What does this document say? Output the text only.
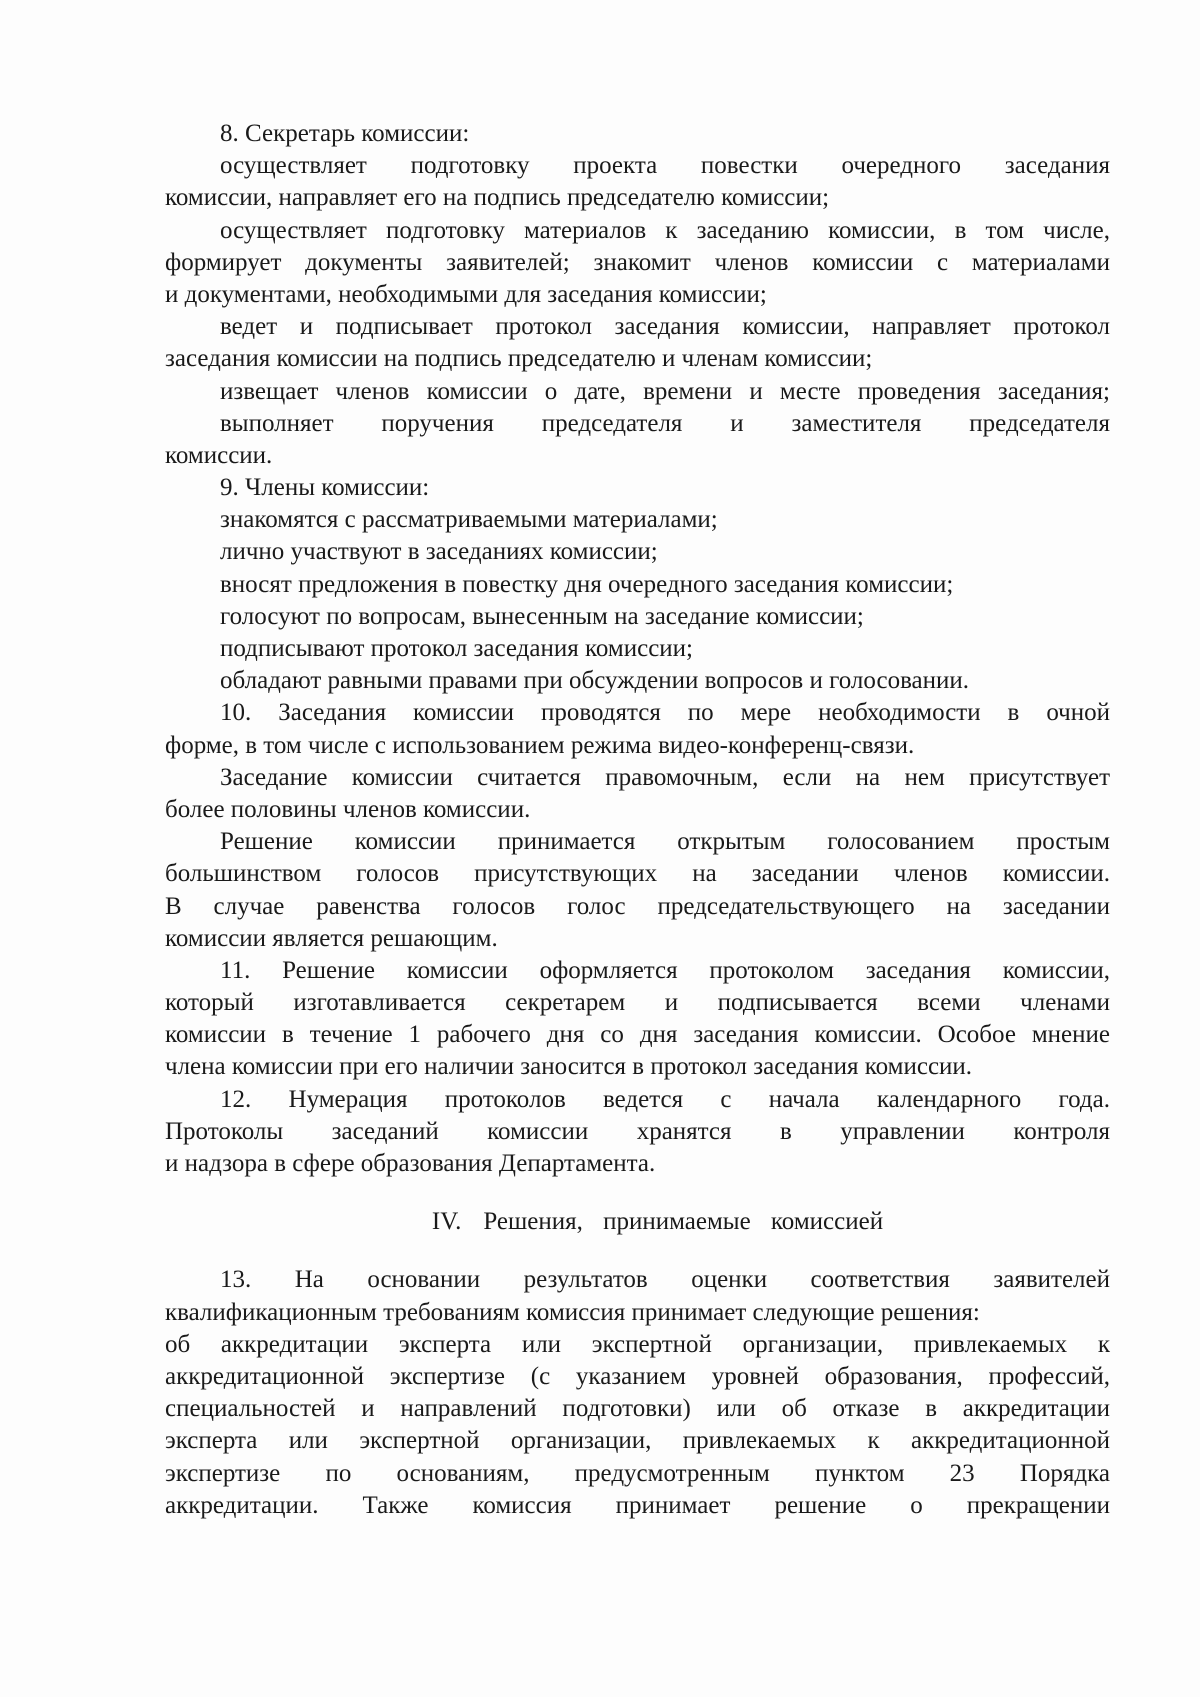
8. Секретарь комиссии:
осуществляет подготовку проекта повестки очередного заседания
комиссии, направляет его на подпись председателю комиссии;
осуществляет подготовку материалов к заседанию комиссии, в том числе,
формирует документы заявителей; знакомит членов комиссии с материалами
и документами, необходимыми для заседания комиссии;
ведет и подписывает протокол заседания комиссии, направляет протокол
заседания комиссии на подпись председателю и членам комиссии;
извещает членов комиссии о дате, времени и месте проведения заседания;
выполняет поручения председателя и заместителя председателя
комиссии.
9. Члены комиссии:
знакомятся с рассматриваемыми материалами;
лично участвуют в заседаниях комиссии;
вносят предложения в повестку дня очередного заседания комиссии;
голосуют по вопросам, вынесенным на заседание комиссии;
подписывают протокол заседания комиссии;
обладают равными правами при обсуждении вопросов и голосовании.
10. Заседания комиссии проводятся по мере необходимости в очной
форме, в том числе с использованием режима видео-конференц-связи.
Заседание комиссии считается правомочным, если на нем присутствует
более половины членов комиссии.
Решение комиссии принимается открытым голосованием простым
большинством голосов присутствующих на заседании членов комиссии.
В случае равенства голосов голос председательствующего на заседании
комиссии является решающим.
11. Решение комиссии оформляется протоколом заседания комиссии,
который изготавливается секретарем и подписывается всеми членами
комиссии в течение 1 рабочего дня со дня заседания комиссии. Особое мнение
члена комиссии при его наличии заносится в протокол заседания комиссии.
12. Нумерация протоколов ведется с начала календарного года.
Протоколы заседаний комиссии хранятся в управлении контроля
и надзора в сфере образования Департамента.
IV. Решения, принимаемые комиссией
13. На основании результатов оценки соответствия заявителей
квалификационным требованиям комиссия принимает следующие решения:
об аккредитации эксперта или экспертной организации, привлекаемых к
аккредитационной экспертизе (с указанием уровней образования, профессий,
специальностей и направлений подготовки) или об отказе в аккредитации
эксперта или экспертной организации, привлекаемых к аккредитационной
экспертизе по основаниям, предусмотренным пунктом 23 Порядка
аккредитации. Также комиссия принимает решение о прекращении
